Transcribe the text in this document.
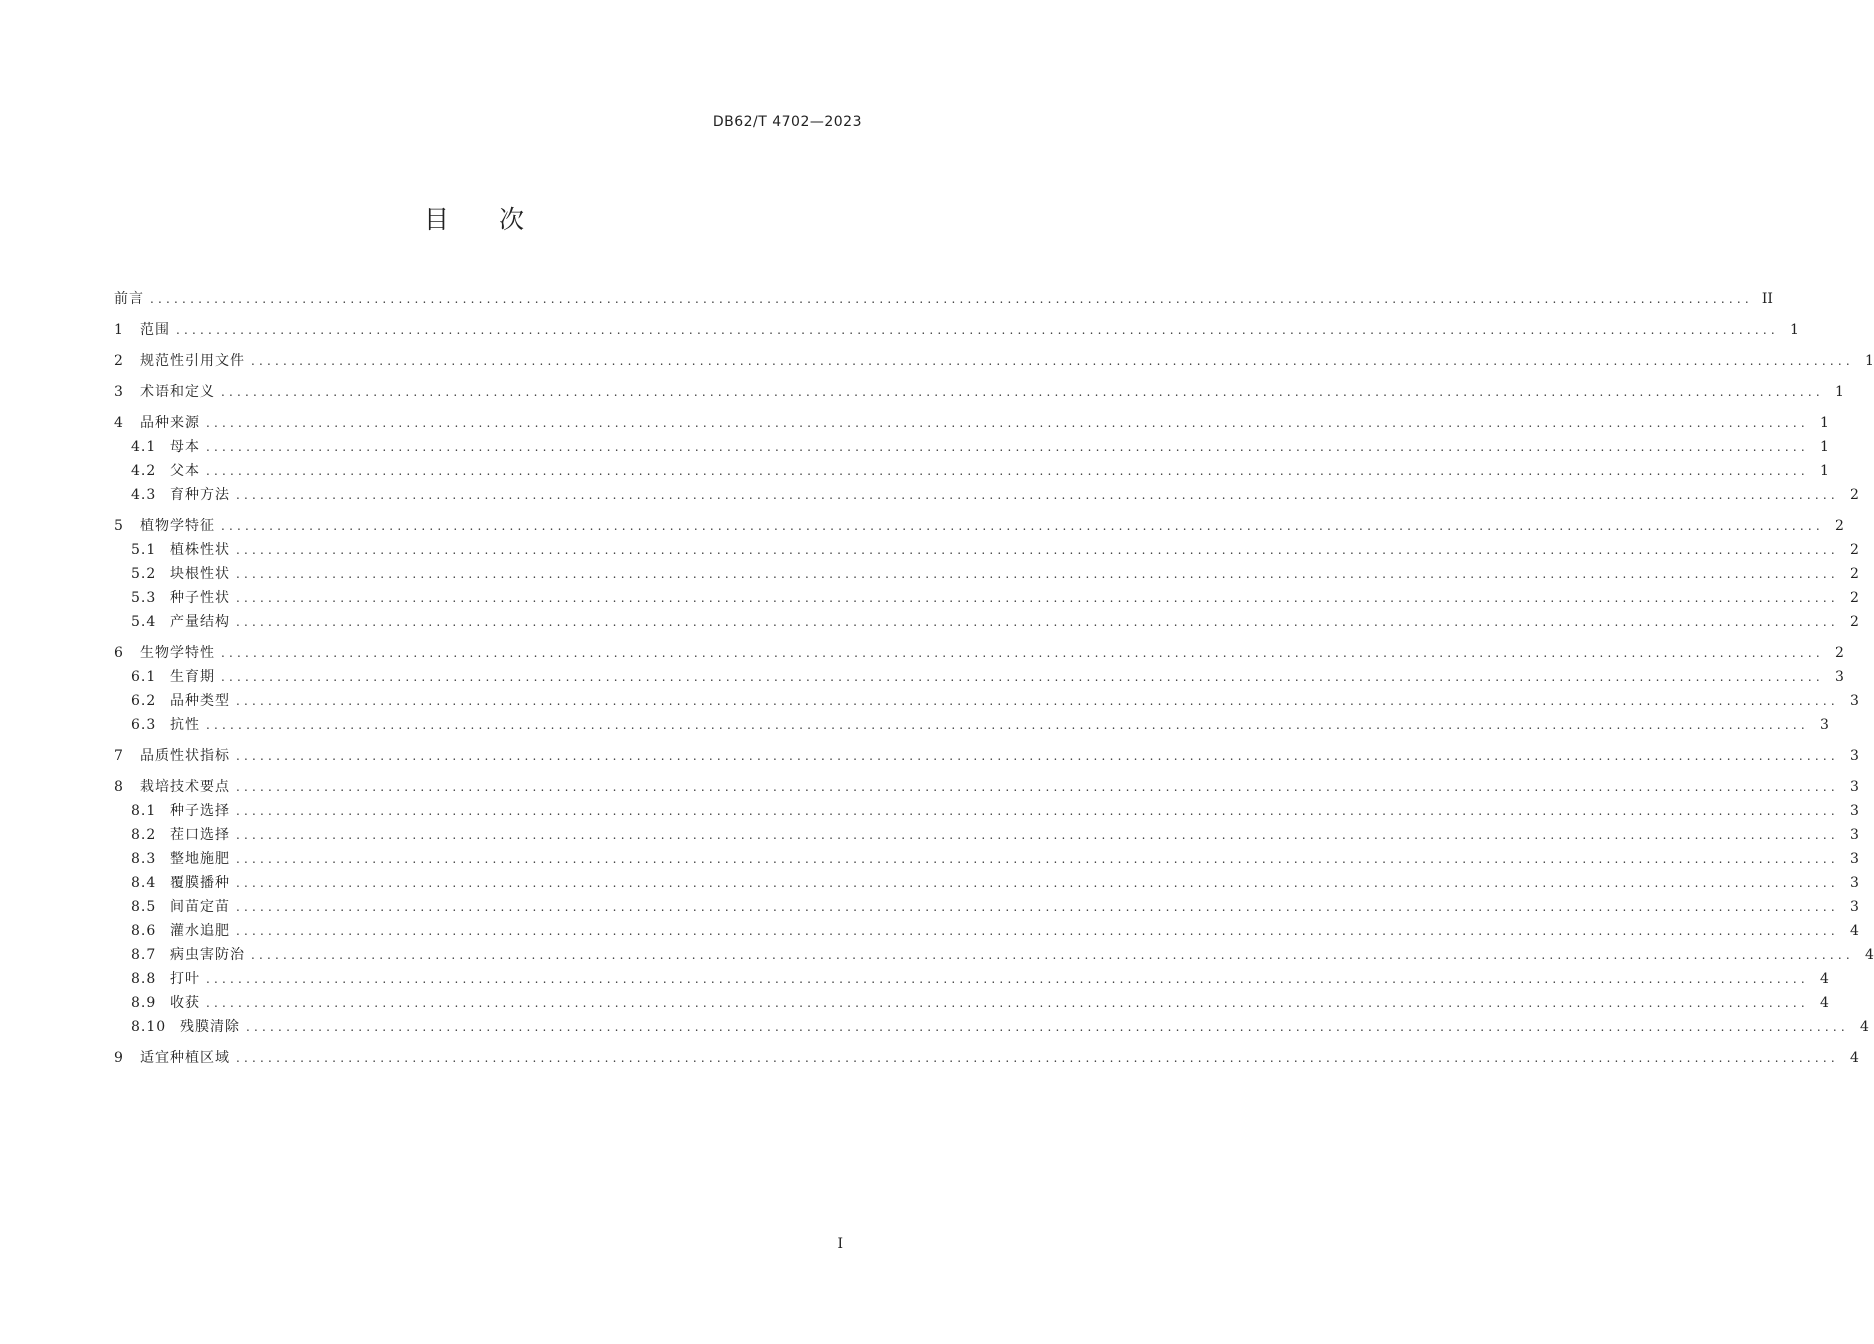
DB62/T 4702—2023
目 次
前言 ........................................................................................................................................................................................................ II
1	范围 ........................................................................................................................................................................................................ 1
2	规范性引用文件 ........................................................................................................................................................................................................ 1
3	术语和定义 ........................................................................................................................................................................................................ 1
4	品种来源 ........................................................................................................................................................................................................ 1
4.1 母本 ........................................................................................................................................................................................................ 1
4.2 父本 ........................................................................................................................................................................................................ 1
4.3 育种方法 ........................................................................................................................................................................................................ 2
5	植物学特征 ........................................................................................................................................................................................................ 2
5.1 植株性状 ........................................................................................................................................................................................................ 2
5.2 块根性状 ........................................................................................................................................................................................................ 2
5.3 种子性状 ........................................................................................................................................................................................................ 2
5.4 产量结构 ........................................................................................................................................................................................................ 2
6	生物学特性 ........................................................................................................................................................................................................ 2
6.1 生育期 ........................................................................................................................................................................................................ 3
6.2 品种类型 ........................................................................................................................................................................................................ 3
6.3 抗性 ........................................................................................................................................................................................................ 3
7	品质性状指标 ........................................................................................................................................................................................................ 3
8	栽培技术要点 ........................................................................................................................................................................................................ 3
8.1 种子选择 ........................................................................................................................................................................................................ 3
8.2 茬口选择 ........................................................................................................................................................................................................ 3
8.3 整地施肥 ........................................................................................................................................................................................................ 3
8.4 覆膜播种 ........................................................................................................................................................................................................ 3
8.5 间苗定苗 ........................................................................................................................................................................................................ 3
8.6 灌水追肥 ........................................................................................................................................................................................................ 4
8.7 病虫害防治 ........................................................................................................................................................................................................ 4
8.8 打叶 ........................................................................................................................................................................................................ 4
8.9 收获 ........................................................................................................................................................................................................ 4
8.10 残膜清除 ........................................................................................................................................................................................................ 4
9	适宜种植区域 ........................................................................................................................................................................................................ 4
I
